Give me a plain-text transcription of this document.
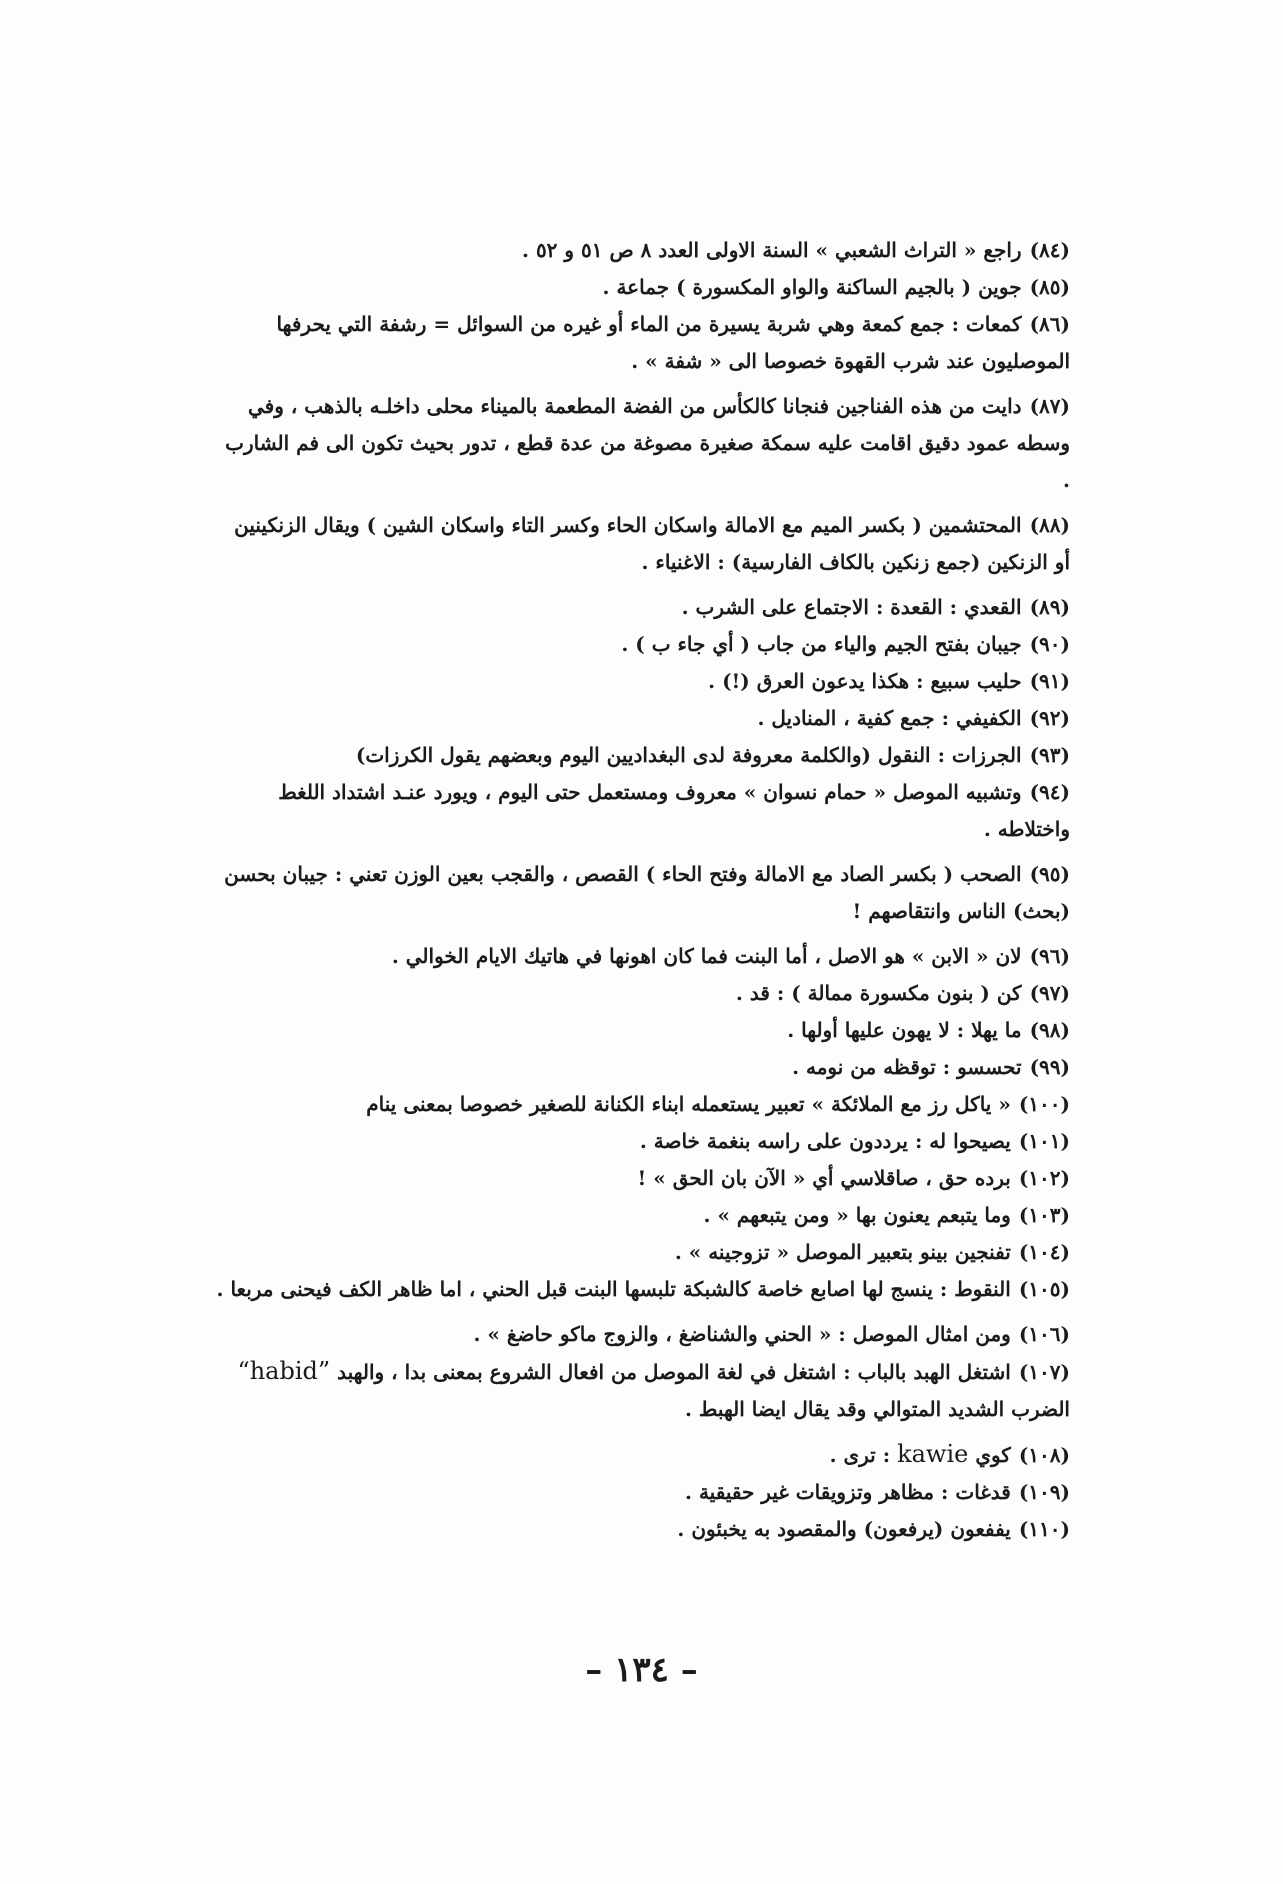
(٨٤)راجع « التراث الشعبي » السنة الاولى العدد ٨ ص ٥١ و ٥٢ .

(٨٥)جوين ( بالجيم الساكنة والواو المكسورة ) جماعة .

(٨٦)كمعات : جمع كمعة وهي شربة يسيرة من الماء أو غيره من السوائل = رشفة التي يحرفها الموصليون عند شرب القهوة خصوصا الى « شفة » .

(٨٧)دايت من هذه الفناجين فنجانا كالكأس من الفضة المطعمة بالميناء محلى داخلـه بالذهب ، وفي وسطه عمود دقيق اقامت عليه سمكة صغيرة مصوغة من عدة قطع ، تدور بحيث تكون الى فم الشارب .

(٨٨)المحتشمين ( بكسر الميم مع الامالة واسكان الحاء وكسر التاء واسكان الشين ) ويقال الزنكينين أو الزنكين (جمع زنكين بالكاف الفارسية) : الاغنياء .

(٨٩)القعدي : القعدة : الاجتماع على الشرب .

(٩٠)جيبان بفتح الجيم والياء من جاب ( أي جاء ب ) .

(٩١)حليب سبيع : هكذا يدعون العرق (!) .

(٩٢)الكفيفي : جمع كفية ، المناديل .

(٩٣)الجرزات : النقول (والكلمة معروفة لدى البغداديين اليوم وبعضهم يقول الكرزات)

(٩٤)وتشبيه الموصل « حمام نسوان » معروف ومستعمل حتى اليوم ، ويورد عنـد اشتداد اللغط واختلاطه .

(٩٥)الصحب ( بكسر الصاد مع الامالة وفتح الحاء ) القصص ، والقجب بعين الوزن تعني : جيبان بحسن (بحث) الناس وانتقاصهم !

(٩٦)لان « الابن » هو الاصل ، أما البنت فما كان اهونها في هاتيك الايام الخوالي .

(٩٧)كن ( بنون مكسورة ممالة ) : قد .

(٩٨)ما يهلا : لا يهون عليها أولها .

(٩٩)تحسسو : توقظه من نومه .

(١٠٠)« ياكل رز مع الملائكة » تعبير يستعمله ابناء الكنانة للصغير خصوصا بمعنى ينام

(١٠١)يصيحوا له : يرددون على راسه بنغمة خاصة .

(١٠٢)برده حق ، صاقلاسي أي « الآن بان الحق » !

(١٠٣)وما يتبعم يعنون بها « ومن يتبعهم » .

(١٠٤)تفنجين بينو بتعبير الموصل « تزوجينه » .

(١٠٥)النقوط : ينسج لها اصابع خاصة كالشبكة تلبسها البنت قبل الحني ، اما ظاهر الكف فيحنى مربعا .

(١٠٦)ومن امثال الموصل : « الحني والشناضغ ، والزوج ماكو حاضغ » .

(١٠٧)اشتغل الهبد بالباب : اشتغل في لغة الموصل من افعال الشروع بمعنى بدا ، والهبد “habid” الضرب الشديد المتوالي وقد يقال ايضا الهبط .

(١٠٨)كوي kawie : ترى .

(١٠٩)قدغات : مظاهر وتزويقات غير حقيقية .

(١١٠)يففعون (يرفعون) والمقصود به يخبئون .

– ١٣٤ –
